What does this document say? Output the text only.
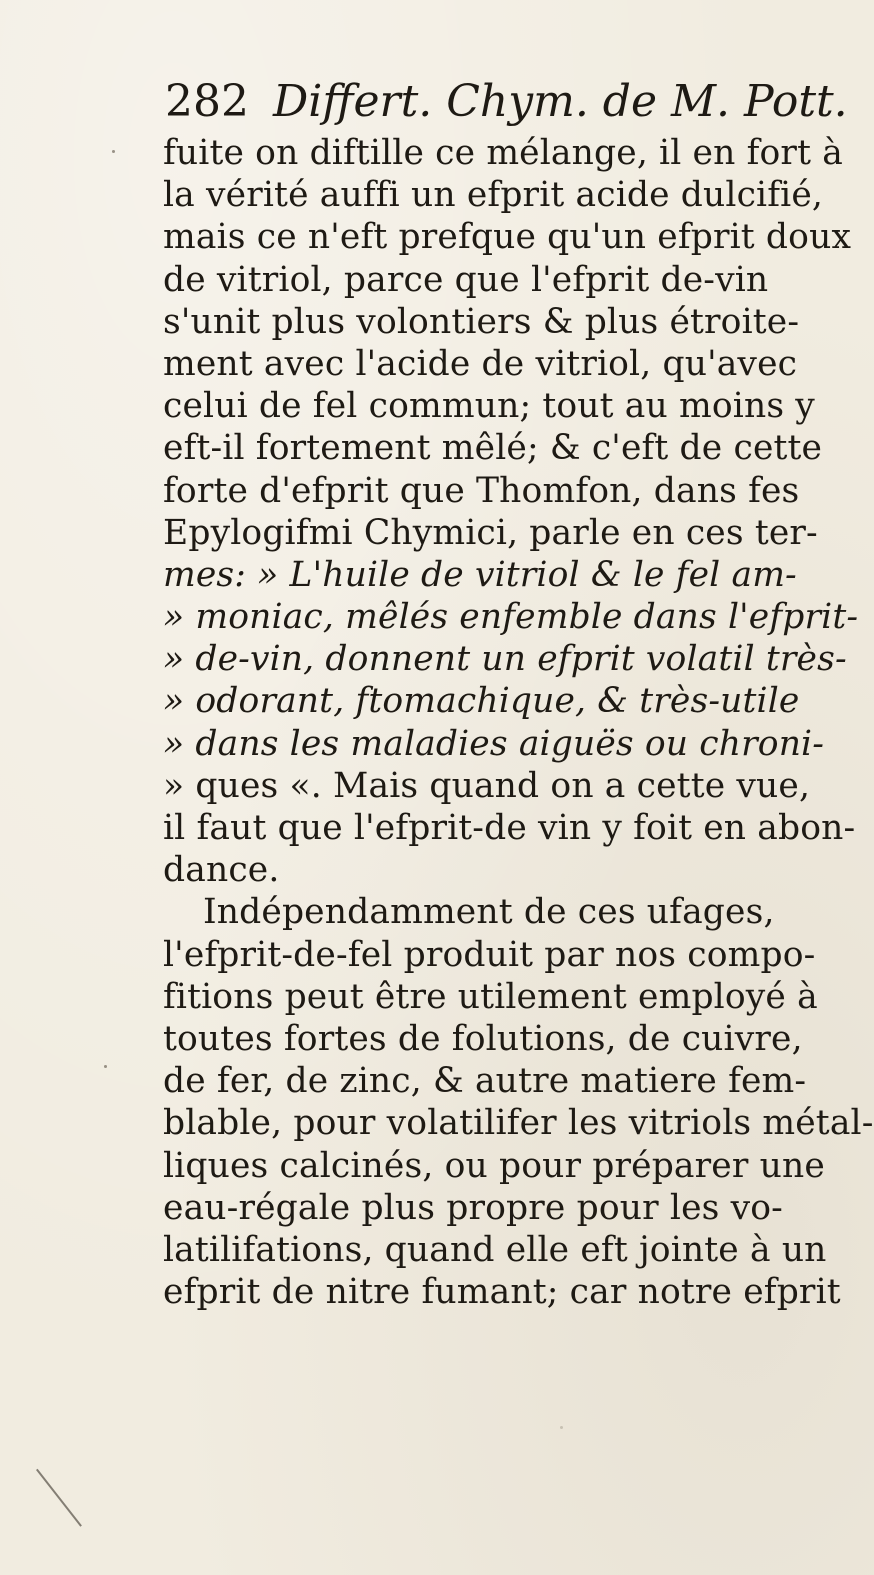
282 Differt. Chym. de M. Pott.
fuite on diftille ce mélange, il en fort à
la vérité auffi un efprit acide dulcifié,
mais ce n'eft prefque qu'un efprit doux
de vitriol, parce que l'efprit de-vin
s'unit plus volontiers & plus étroite-
ment avec l'acide de vitriol, qu'avec
celui de fel commun; tout au moins y
eft-il fortement mêlé; & c'eft de cette
forte d'efprit que Thomfon, dans fes
Epylogifmi Chymici, parle en ces ter-
mes: » L'huile de vitriol & le fel am-
» moniac, mêlés enfemble dans l'efprit-
» de-vin, donnent un efprit volatil très-
» odorant, ftomachique, & très-utile
» dans les maladies aiguës ou chroni-
» ques «. Mais quand on a cette vue,
il faut que l'efprit-de vin y foit en abon-
dance.
Indépendamment de ces ufages,
l'efprit-de-fel produit par nos compo-
fitions peut être utilement employé à
toutes fortes de folutions, de cuivre,
de fer, de zinc, & autre matiere fem-
blable, pour volatilifer les vitriols métal-
liques calcinés, ou pour préparer une
eau-régale plus propre pour les vo-
latilifations, quand elle eft jointe à un
efprit de nitre fumant; car notre efprit
